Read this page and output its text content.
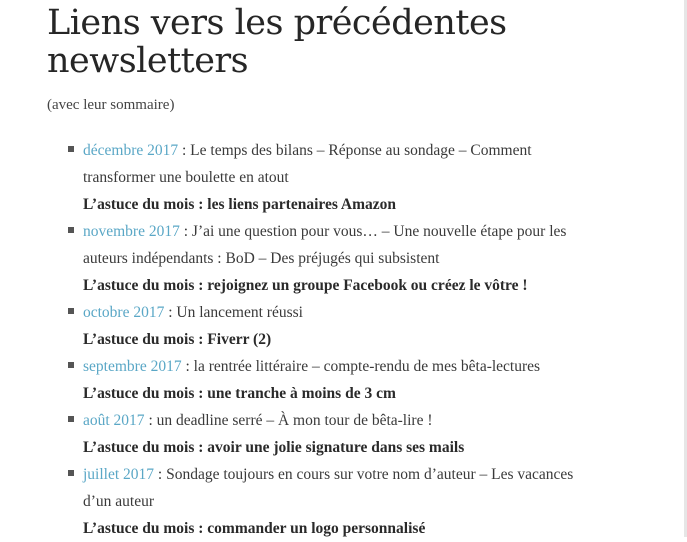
Liens vers les précédentes
newsletters
(avec leur sommaire)
décembre 2017 : Le temps des bilans – Réponse au sondage – Comment
transformer une boulette en atout
L’astuce du mois : les liens partenaires Amazon
novembre 2017 : J’ai une question pour vous… – Une nouvelle étape pour les
auteurs indépendants : BoD – Des préjugés qui subsistent
L’astuce du mois : rejoignez un groupe Facebook ou créez le vôtre !
octobre 2017 : Un lancement réussi
L’astuce du mois : Fiverr (2)
septembre 2017 : la rentrée littéraire – compte-rendu de mes bêta-lectures
L’astuce du mois : une tranche à moins de 3 cm
août 2017 : un deadline serré – À mon tour de bêta-lire !
L’astuce du mois : avoir une jolie signature dans ses mails
juillet 2017 : Sondage toujours en cours sur votre nom d’auteur – Les vacances
d’un auteur
L’astuce du mois : commander un logo personnalisé
